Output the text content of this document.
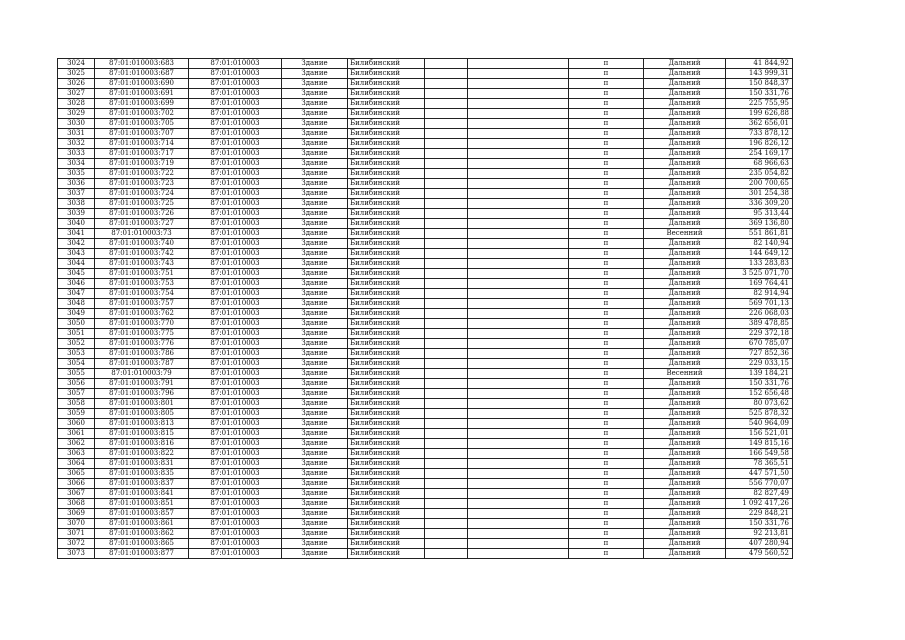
3024	87:01:010003:683	87:01:010003	Здание	Билибинский			п	Дальний	41 844,92
3025	87:01:010003:687	87:01:010003	Здание	Билибинский			п	Дальний	143 999,31
3026	87:01:010003:690	87:01:010003	Здание	Билибинский			п	Дальний	150 848,37
3027	87:01:010003:691	87:01:010003	Здание	Билибинский			п	Дальний	150 331,76
3028	87:01:010003:699	87:01:010003	Здание	Билибинский			п	Дальний	225 755,95
3029	87:01:010003:702	87:01:010003	Здание	Билибинский			п	Дальний	199 626,88
3030	87:01:010003:705	87:01:010003	Здание	Билибинский			п	Дальний	362 656,01
3031	87:01:010003:707	87:01:010003	Здание	Билибинский			п	Дальний	733 878,12
3032	87:01:010003:714	87:01:010003	Здание	Билибинский			п	Дальний	196 826,12
3033	87:01:010003:717	87:01:010003	Здание	Билибинский			п	Дальний	254 169,17
3034	87:01:010003:719	87:01:010003	Здание	Билибинский			п	Дальний	68 966,63
3035	87:01:010003:722	87:01:010003	Здание	Билибинский			п	Дальний	235 054,82
3036	87:01:010003:723	87:01:010003	Здание	Билибинский			п	Дальний	200 700,65
3037	87:01:010003:724	87:01:010003	Здание	Билибинский			п	Дальний	301 254,38
3038	87:01:010003:725	87:01:010003	Здание	Билибинский			п	Дальний	336 309,20
3039	87:01:010003:726	87:01:010003	Здание	Билибинский			п	Дальний	95 313,44
3040	87:01:010003:727	87:01:010003	Здание	Билибинский			п	Дальний	369 136,80
3041	87:01:010003:73	87:01:010003	Здание	Билибинский			п	Весенний	551 861,81
3042	87:01:010003:740	87:01:010003	Здание	Билибинский			п	Дальний	82 140,94
3043	87:01:010003:742	87:01:010003	Здание	Билибинский			п	Дальний	144 649,12
3044	87:01:010003:743	87:01:010003	Здание	Билибинский			п	Дальний	133 283,83
3045	87:01:010003:751	87:01:010003	Здание	Билибинский			п	Дальний	3 525 071,70
3046	87:01:010003:753	87:01:010003	Здание	Билибинский			п	Дальний	169 764,41
3047	87:01:010003:754	87:01:010003	Здание	Билибинский			п	Дальний	82 914,94
3048	87:01:010003:757	87:01:010003	Здание	Билибинский			п	Дальний	569 701,13
3049	87:01:010003:762	87:01:010003	Здание	Билибинский			п	Дальний	226 068,03
3050	87:01:010003:770	87:01:010003	Здание	Билибинский			п	Дальний	389 478,85
3051	87:01:010003:775	87:01:010003	Здание	Билибинский			п	Дальний	229 372,18
3052	87:01:010003:776	87:01:010003	Здание	Билибинский			п	Дальний	670 785,07
3053	87:01:010003:786	87:01:010003	Здание	Билибинский			п	Дальний	727 852,36
3054	87:01:010003:787	87:01:010003	Здание	Билибинский			п	Дальний	229 033,15
3055	87:01:010003:79	87:01:010003	Здание	Билибинский			п	Весенний	139 184,21
3056	87:01:010003:791	87:01:010003	Здание	Билибинский			п	Дальний	150 331,76
3057	87:01:010003:796	87:01:010003	Здание	Билибинский			п	Дальний	152 656,48
3058	87:01:010003:801	87:01:010003	Здание	Билибинский			п	Дальний	80 073,62
3059	87:01:010003:805	87:01:010003	Здание	Билибинский			п	Дальний	525 878,32
3060	87:01:010003:813	87:01:010003	Здание	Билибинский			п	Дальний	540 964,09
3061	87:01:010003:815	87:01:010003	Здание	Билибинский			п	Дальний	156 521,01
3062	87:01:010003:816	87:01:010003	Здание	Билибинский			п	Дальний	149 815,16
3063	87:01:010003:822	87:01:010003	Здание	Билибинский			п	Дальний	166 549,58
3064	87:01:010003:831	87:01:010003	Здание	Билибинский			п	Дальний	78 365,51
3065	87:01:010003:835	87:01:010003	Здание	Билибинский			п	Дальний	447 571,50
3066	87:01:010003:837	87:01:010003	Здание	Билибинский			п	Дальний	556 770,07
3067	87:01:010003:841	87:01:010003	Здание	Билибинский			п	Дальний	82 827,49
3068	87:01:010003:851	87:01:010003	Здание	Билибинский			п	Дальний	1 092 417,26
3069	87:01:010003:857	87:01:010003	Здание	Билибинский			п	Дальний	229 848,21
3070	87:01:010003:861	87:01:010003	Здание	Билибинский			п	Дальний	150 331,76
3071	87:01:010003:862	87:01:010003	Здание	Билибинский			п	Дальний	92 213,81
3072	87:01:010003:865	87:01:010003	Здание	Билибинский			п	Дальний	407 280,94
3073	87:01:010003:877	87:01:010003	Здание	Билибинский			п	Дальний	479 560,52
